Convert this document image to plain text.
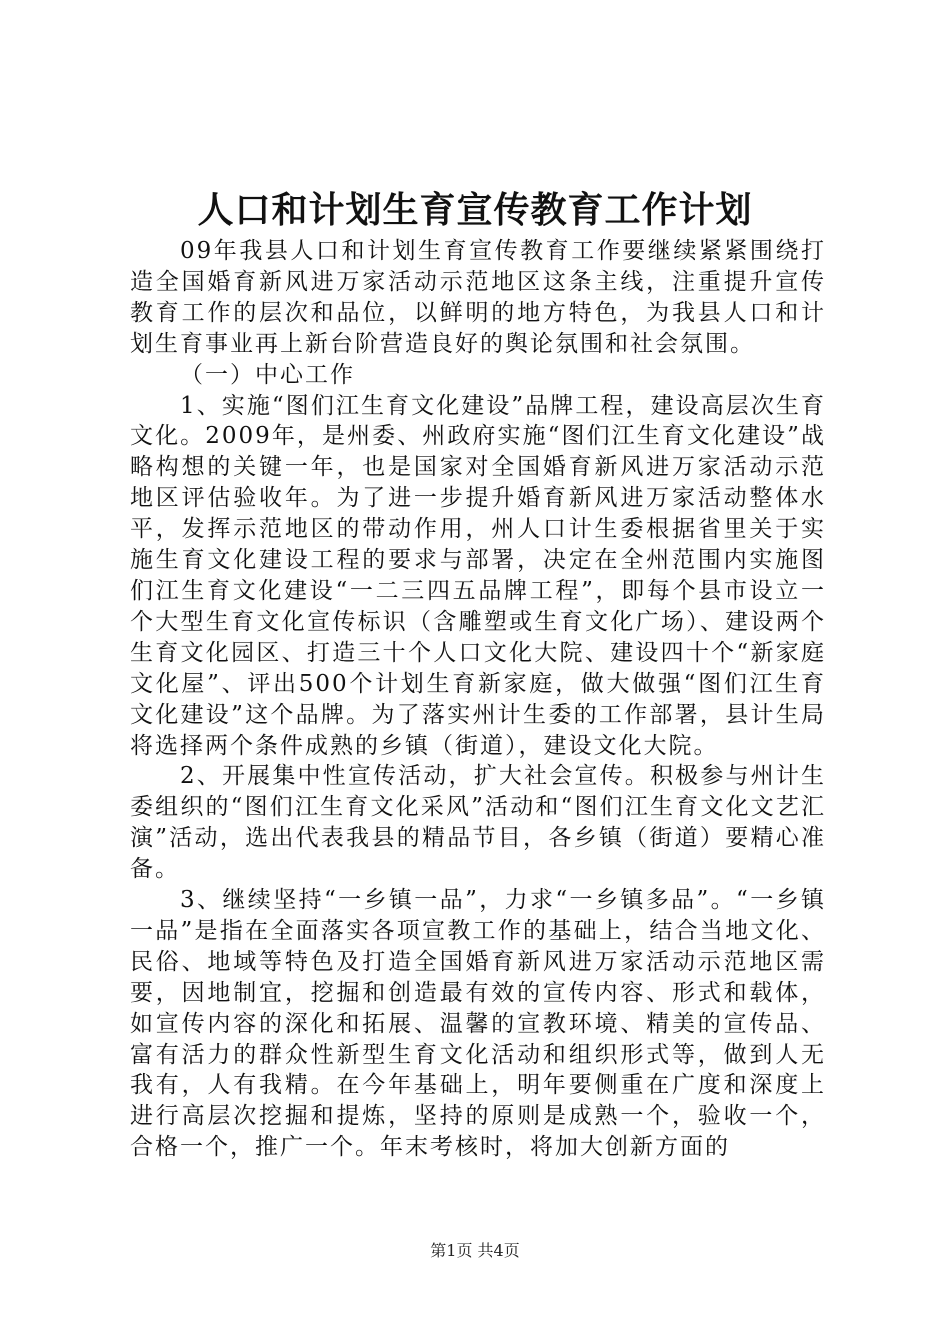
人口和计划生育宣传教育工作计划

09年我县人口和计划生育宣传教育工作要继续紧紧围绕打造全国婚育新风进万家活动示范地区这条主线，注重提升宣传教育工作的层次和品位，以鲜明的地方特色，为我县人口和计划生育事业再上新台阶营造良好的舆论氛围和社会氛围。

（一）中心工作

1、实施“图们江生育文化建设”品牌工程，建设高层次生育文化。2009年，是州委、州政府实施“图们江生育文化建设”战略构想的关键一年，也是国家对全国婚育新风进万家活动示范地区评估验收年。为了进一步提升婚育新风进万家活动整体水平，发挥示范地区的带动作用，州人口计生委根据省里关于实施生育文化建设工程的要求与部署，决定在全州范围内实施图们江生育文化建设“一二三四五品牌工程”，即每个县市设立一个大型生育文化宣传标识（含雕塑或生育文化广场）、建设两个生育文化园区、打造三十个人口文化大院、建设四十个“新家庭文化屋”、评出500个计划生育新家庭，做大做强“图们江生育文化建设”这个品牌。为了落实州计生委的工作部署，县计生局将选择两个条件成熟的乡镇（街道），建设文化大院。

2、开展集中性宣传活动，扩大社会宣传。积极参与州计生委组织的“图们江生育文化采风”活动和“图们江生育文化文艺汇演”活动，选出代表我县的精品节目，各乡镇（街道）要精心准备。

3、继续坚持“一乡镇一品”，力求“一乡镇多品”。“一乡镇一品”是指在全面落实各项宣教工作的基础上，结合当地文化、民俗、地域等特色及打造全国婚育新风进万家活动示范地区需要，因地制宜，挖掘和创造最有效的宣传内容、形式和载体，如宣传内容的深化和拓展、温馨的宣教环境、精美的宣传品、富有活力的群众性新型生育文化活动和组织形式等，做到人无我有，人有我精。在今年基础上，明年要侧重在广度和深度上进行高层次挖掘和提炼，坚持的原则是成熟一个，验收一个，合格一个，推广一个。年末考核时，将加大创新方面的

第1页 共4页
